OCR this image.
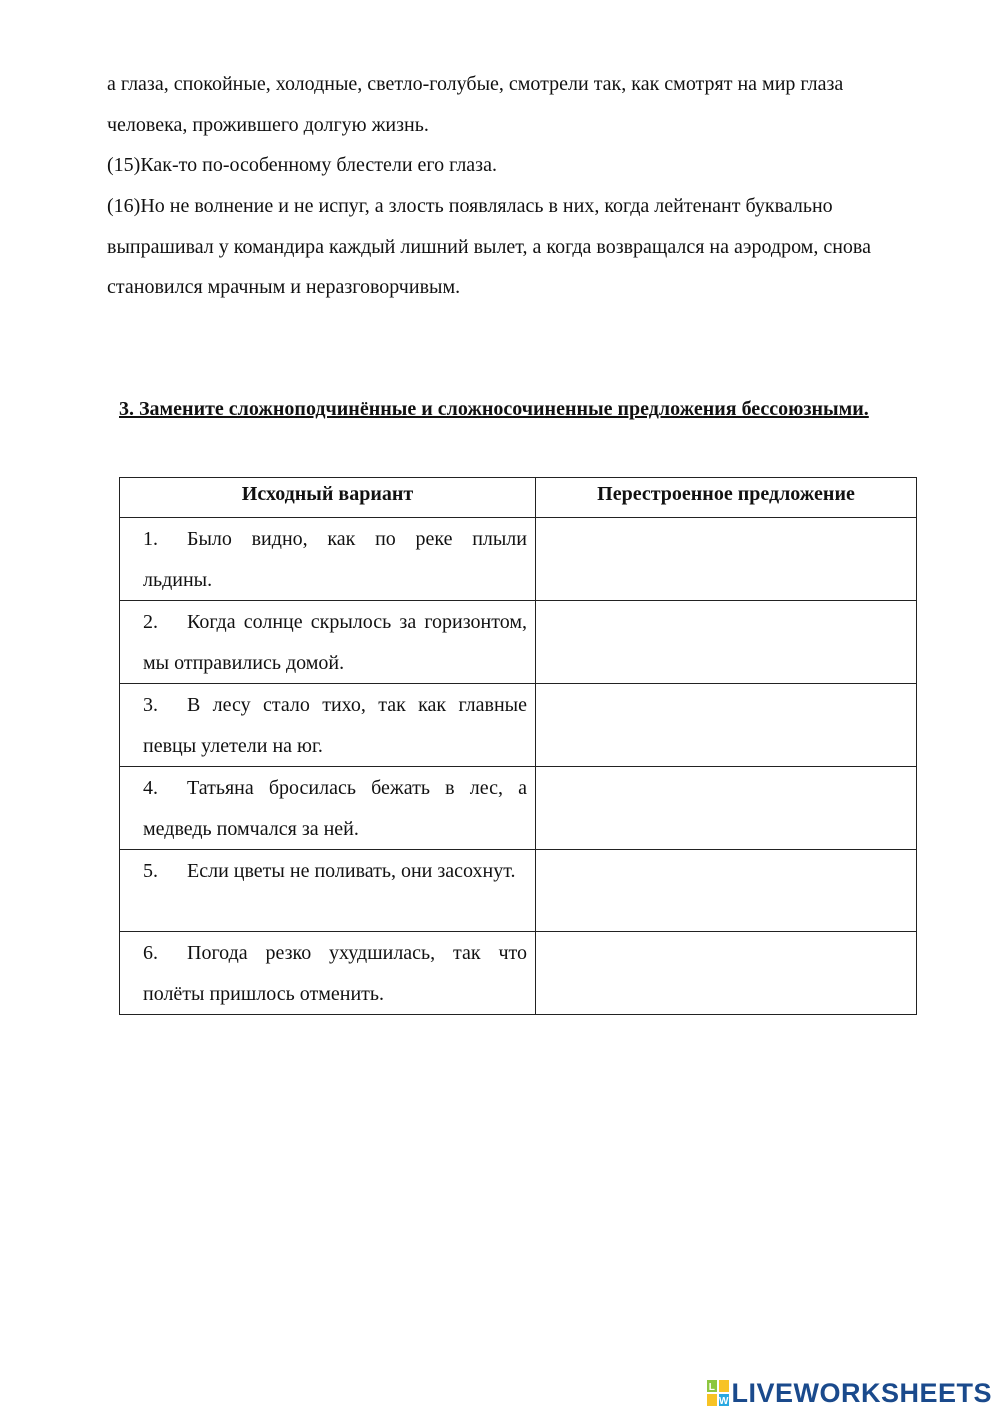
а глаза, спокойные, холодные, светло-голубые, смотрели так, как смотрят на мир глаза человека, прожившего долгую жизнь.

(15)Как-то по-особенному блестели его глаза.

(16)Но не волнение и не испуг, а злость появлялась в них, когда лейтенант буквально выпрашивал у командира каждый лишний вылет, а когда возвращался на аэродром, снова становился мрачным и неразговорчивым.

3. Замените сложноподчинённые и сложносочиненные предложения бессоюзными.

Исходный вариант	Перестроенное предложение

1. Было видно, как по реке плыли льдины.	

2. Когда солнце скрылось за горизонтом, мы отправились домой.	

3. В лесу стало тихо, так как главные певцы улетели на юг.	

4. Татьяна бросилась бежать в лес, а медведь помчался за ней.	

5. Если цветы не поливать, они засохнут.	

6. Погода резко ухудшилась, так что полёты пришлось отменить.	

L
W LIVEWORKSHEETS
